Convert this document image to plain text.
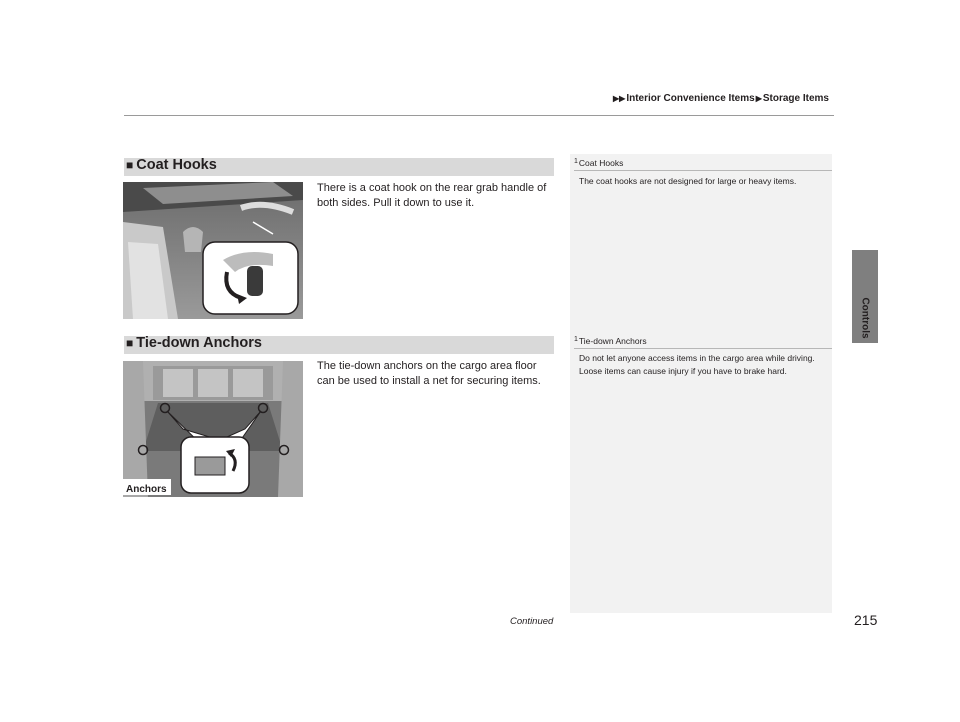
▶▶Interior Convenience Items▶Storage Items
Controls
■ Coat Hooks
There is a coat hook on the rear grab handle of both sides. Pull it down to use it.
$^1$Coat Hooks
The coat hooks are not designed for large or heavy items.
■ Tie-down Anchors
The tie-down anchors on the cargo area floor can be used to install a net for securing items.
Anchors
$^1$Tie-down Anchors
Do not let anyone access items in the cargo area while driving. Loose items can cause injury if you have to brake hard.
Continued	215
